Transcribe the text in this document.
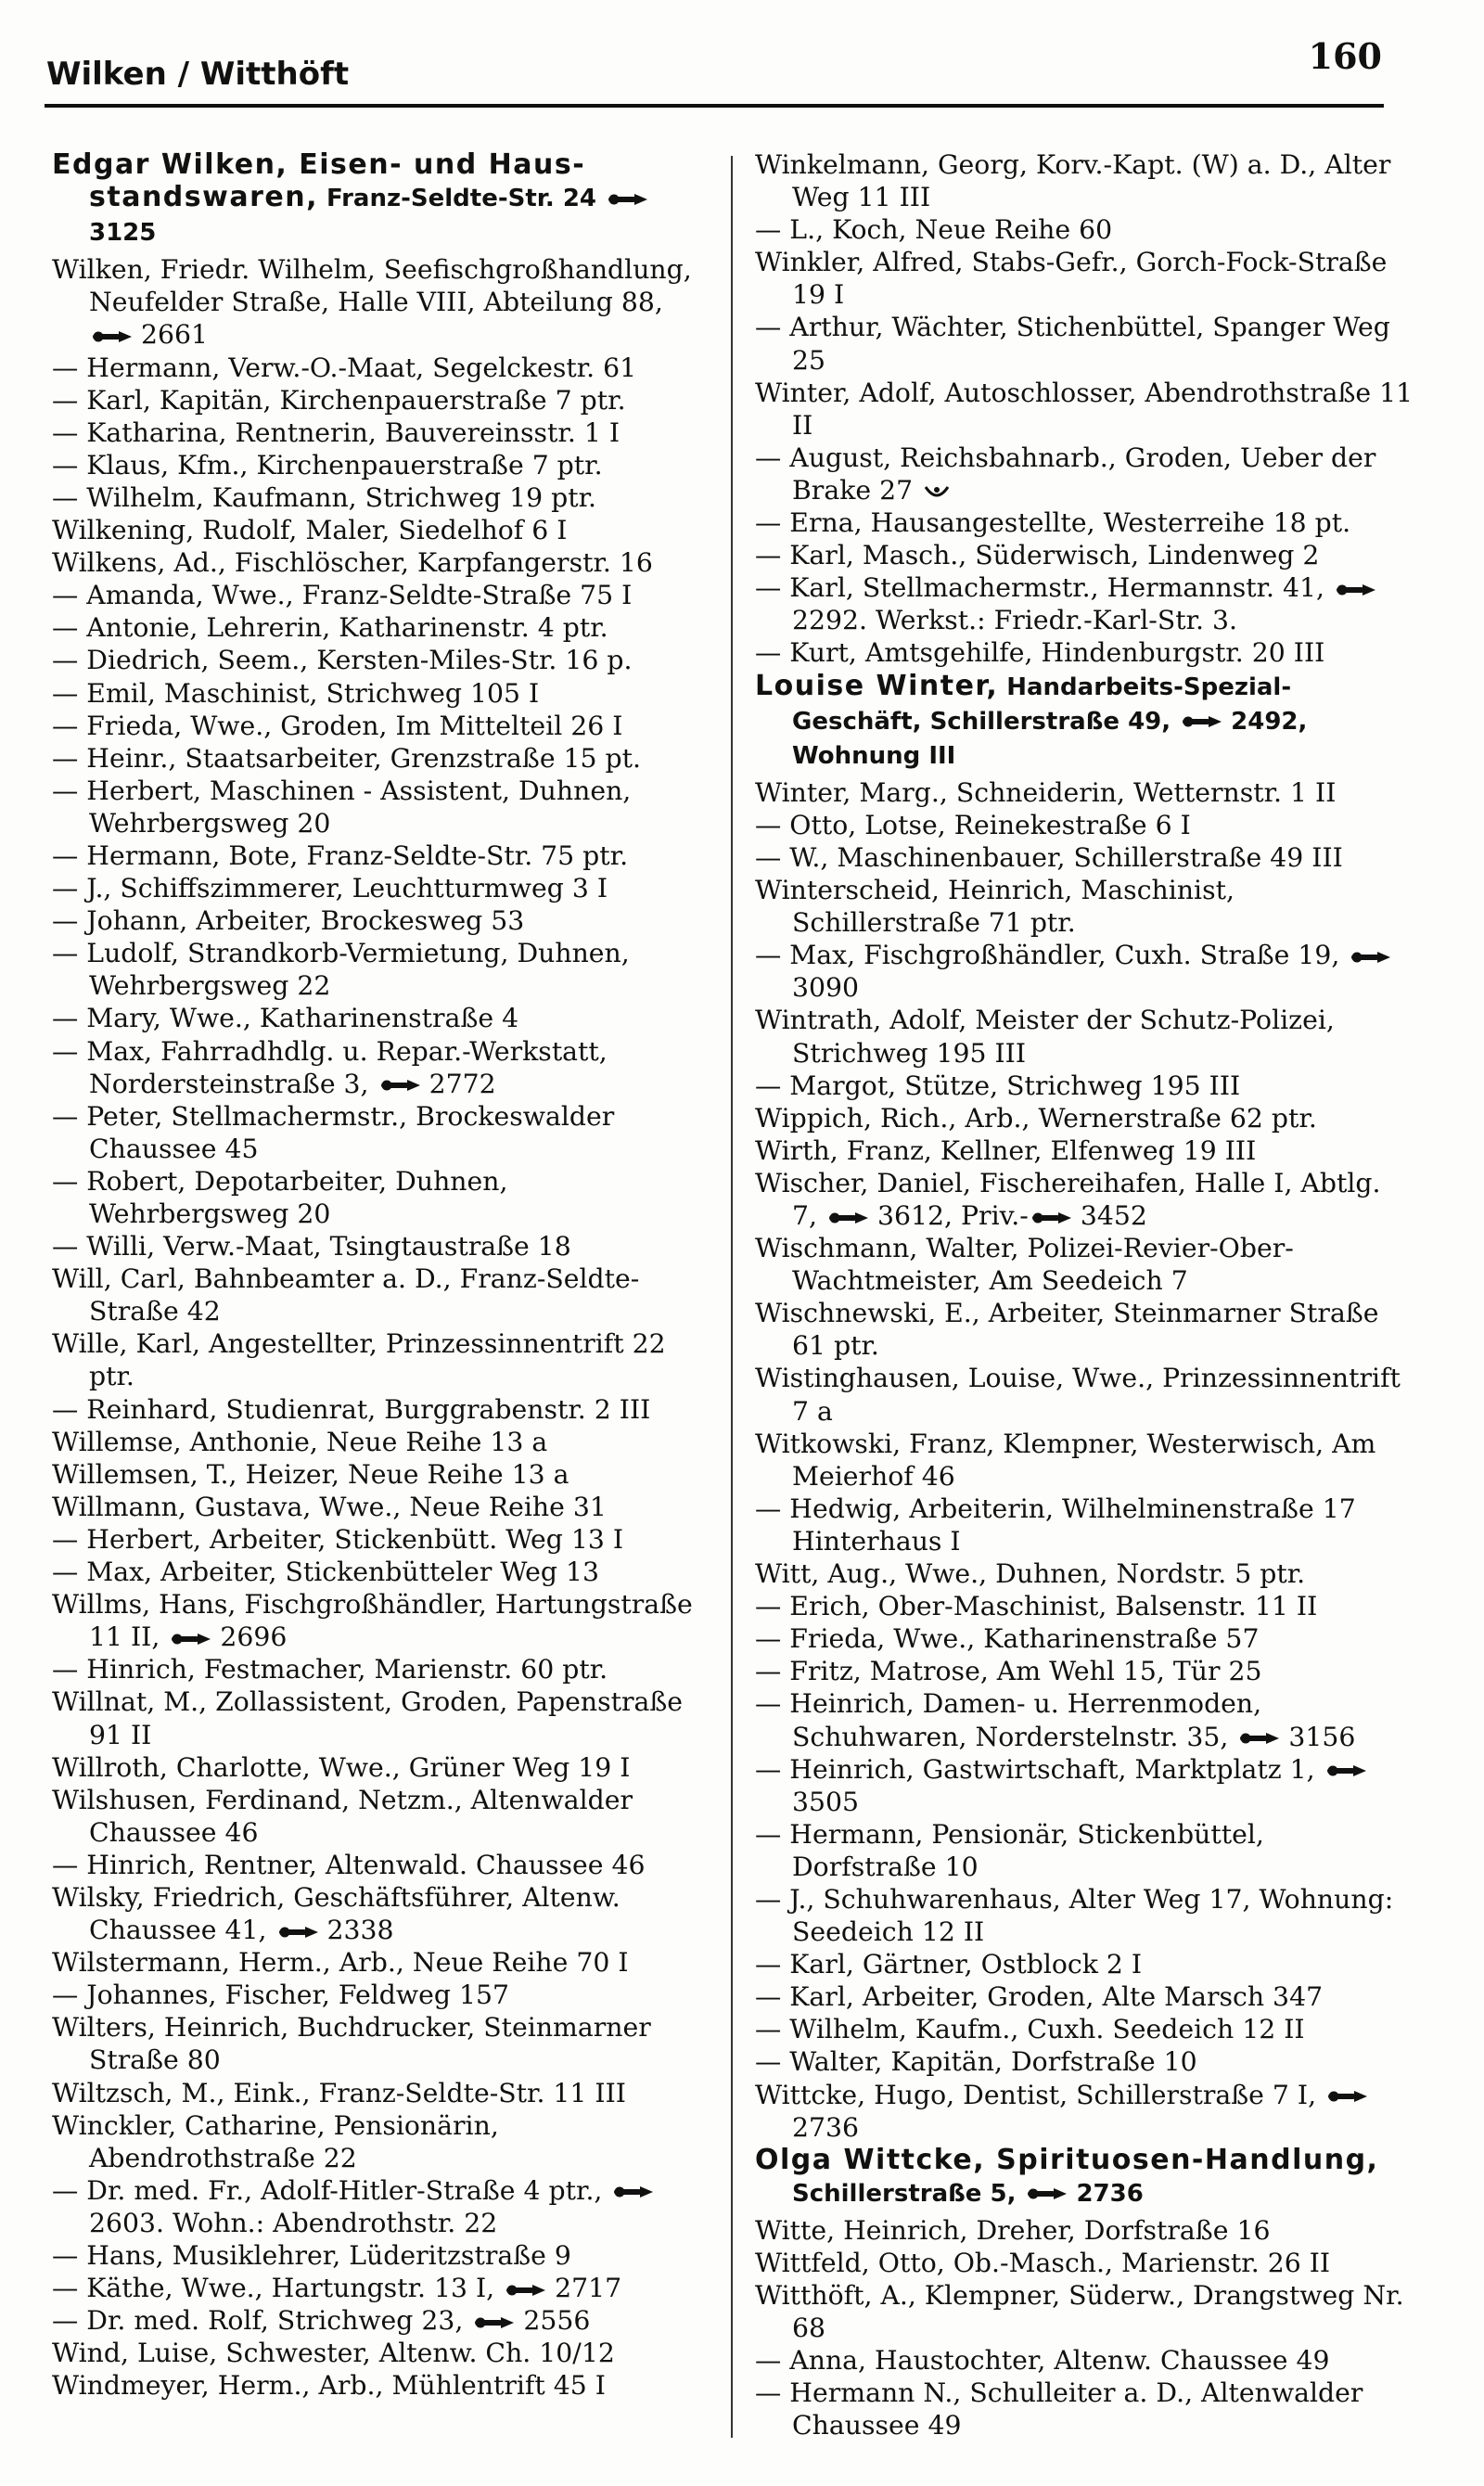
Wilken / Witthöft	160

Edgar Wilken, Eisen- und Haus-standswaren, Franz-Seldte-Str. 24 3125

Wilken, Friedr. Wilhelm, Seefischgroßhandlung, Neufelder Straße, Halle VIII, Abteilung 88, 2661

— Hermann, Verw.-O.-Maat, Segelckestr. 61

— Karl, Kapitän, Kirchenpauerstraße 7 ptr.

— Katharina, Rentnerin, Bauvereinsstr. 1 I

— Klaus, Kfm., Kirchenpauerstraße 7 ptr.

— Wilhelm, Kaufmann, Strichweg 19 ptr.

Wilkening, Rudolf, Maler, Siedelhof 6 I

Wilkens, Ad., Fischlöscher, Karpfangerstr. 16

— Amanda, Wwe., Franz-Seldte-Straße 75 I

— Antonie, Lehrerin, Katharinenstr. 4 ptr.

— Diedrich, Seem., Kersten-Miles-Str. 16 p.

— Emil, Maschinist, Strichweg 105 I

— Frieda, Wwe., Groden, Im Mittelteil 26 I

— Heinr., Staatsarbeiter, Grenzstraße 15 pt.

— Herbert, Maschinen - Assistent, Duhnen, Wehrbergsweg 20

— Hermann, Bote, Franz-Seldte-Str. 75 ptr.

— J., Schiffszimmerer, Leuchtturmweg 3 I

— Johann, Arbeiter, Brockesweg 53

— Ludolf, Strandkorb-Vermietung, Duhnen, Wehrbergsweg 22

— Mary, Wwe., Katharinenstraße 4

— Max, Fahrradhdlg. u. Repar.-Werkstatt, Nordersteinstraße 3, 2772

— Peter, Stellmachermstr., Brockeswalder Chaussee 45

— Robert, Depotarbeiter, Duhnen, Wehrbergsweg 20

— Willi, Verw.-Maat, Tsingtaustraße 18

Will, Carl, Bahnbeamter a. D., Franz-Seldte-Straße 42

Wille, Karl, Angestellter, Prinzessinnentrift 22 ptr.

— Reinhard, Studienrat, Burggrabenstr. 2 III

Willemse, Anthonie, Neue Reihe 13 a

Willemsen, T., Heizer, Neue Reihe 13 a

Willmann, Gustava, Wwe., Neue Reihe 31

— Herbert, Arbeiter, Stickenbütt. Weg 13 I

— Max, Arbeiter, Stickenbütteler Weg 13

Willms, Hans, Fischgroßhändler, Hartungstraße 11 II, 2696

— Hinrich, Festmacher, Marienstr. 60 ptr.

Willnat, M., Zollassistent, Groden, Papenstraße 91 II

Willroth, Charlotte, Wwe., Grüner Weg 19 I

Wilshusen, Ferdinand, Netzm., Altenwalder Chaussee 46

— Hinrich, Rentner, Altenwald. Chaussee 46

Wilsky, Friedrich, Geschäftsführer, Altenw. Chaussee 41, 2338

Wilstermann, Herm., Arb., Neue Reihe 70 I

— Johannes, Fischer, Feldweg 157

Wilters, Heinrich, Buchdrucker, Steinmarner Straße 80

Wiltzsch, M., Eink., Franz-Seldte-Str. 11 III

Winckler, Catharine, Pensionärin, Abendrothstraße 22

— Dr. med. Fr., Adolf-Hitler-Straße 4 ptr., 2603. Wohn.: Abendrothstr. 22

— Hans, Musiklehrer, Lüderitzstraße 9

— Käthe, Wwe., Hartungstr. 13 I, 2717

— Dr. med. Rolf, Strichweg 23, 2556

Wind, Luise, Schwester, Altenw. Ch. 10/12

Windmeyer, Herm., Arb., Mühlentrift 45 I

Winkelmann, Georg, Korv.-Kapt. (W) a. D., Alter Weg 11 III

— L., Koch, Neue Reihe 60

Winkler, Alfred, Stabs-Gefr., Gorch-Fock-Straße 19 I

— Arthur, Wächter, Stichenbüttel, Spanger Weg 25

Winter, Adolf, Autoschlosser, Abendrothstraße 11 II

— August, Reichsbahnarb., Groden, Ueber der Brake 27

— Erna, Hausangestellte, Westerreihe 18 pt.

— Karl, Masch., Süderwisch, Lindenweg 2

— Karl, Stellmachermstr., Hermannstr. 41, 2292. Werkst.: Friedr.-Karl-Str. 3.

— Kurt, Amtsgehilfe, Hindenburgstr. 20 III

Louise Winter, Handarbeits-Spezial-Geschäft, Schillerstraße 49,	2492, Wohnung III

Winter, Marg., Schneiderin, Wetternstr. 1 II

— Otto, Lotse, Reinekestraße 6 I

— W., Maschinenbauer, Schillerstraße 49 III

Winterscheid, Heinrich, Maschinist, Schillerstraße 71 ptr.

— Max, Fischgroßhändler, Cuxh. Straße 19, 3090

Wintrath, Adolf, Meister der Schutz-Polizei, Strichweg 195 III

— Margot, Stütze, Strichweg 195 III

Wippich, Rich., Arb., Wernerstraße 62 ptr.

Wirth, Franz, Kellner, Elfenweg 19 III

Wischer, Daniel, Fischereihafen, Halle I, Abtlg. 7, 3612, Priv.- 3452

Wischmann, Walter, Polizei-Revier-Ober-Wachtmeister, Am Seedeich 7

Wischnewski, E., Arbeiter, Steinmarner Straße 61 ptr.

Wistinghausen, Louise, Wwe., Prinzessinnentrift 7 a

Witkowski, Franz, Klempner, Westerwisch, Am Meierhof 46

— Hedwig, Arbeiterin, Wilhelminenstraße 17 Hinterhaus I

Witt, Aug., Wwe., Duhnen, Nordstr. 5 ptr.

— Erich, Ober-Maschinist, Balsenstr. 11 II

— Frieda, Wwe., Katharinenstraße 57

— Fritz, Matrose, Am Wehl 15, Tür 25

— Heinrich, Damen- u. Herrenmoden, Schuhwaren, Norderstelnstr. 35, 3156

— Heinrich, Gastwirtschaft, Marktplatz 1, 3505

— Hermann, Pensionär, Stickenbüttel, Dorfstraße 10

— J., Schuhwarenhaus, Alter Weg 17, Wohnung: Seedeich 12 II

— Karl, Gärtner, Ostblock 2 I

— Karl, Arbeiter, Groden, Alte Marsch 347

— Wilhelm, Kaufm., Cuxh. Seedeich 12 II

— Walter, Kapitän, Dorfstraße 10

Wittcke, Hugo, Dentist, Schillerstraße 7 I, 2736

Olga Wittcke, Spirituosen-Handlung, Schillerstraße 5,	2736

Witte, Heinrich, Dreher, Dorfstraße 16

Wittfeld, Otto, Ob.-Masch., Marienstr. 26 II

Witthöft, A., Klempner, Süderw., Drangstweg Nr. 68

— Anna, Haustochter, Altenw. Chaussee 49

— Hermann N., Schulleiter a. D., Altenwalder Chaussee 49
